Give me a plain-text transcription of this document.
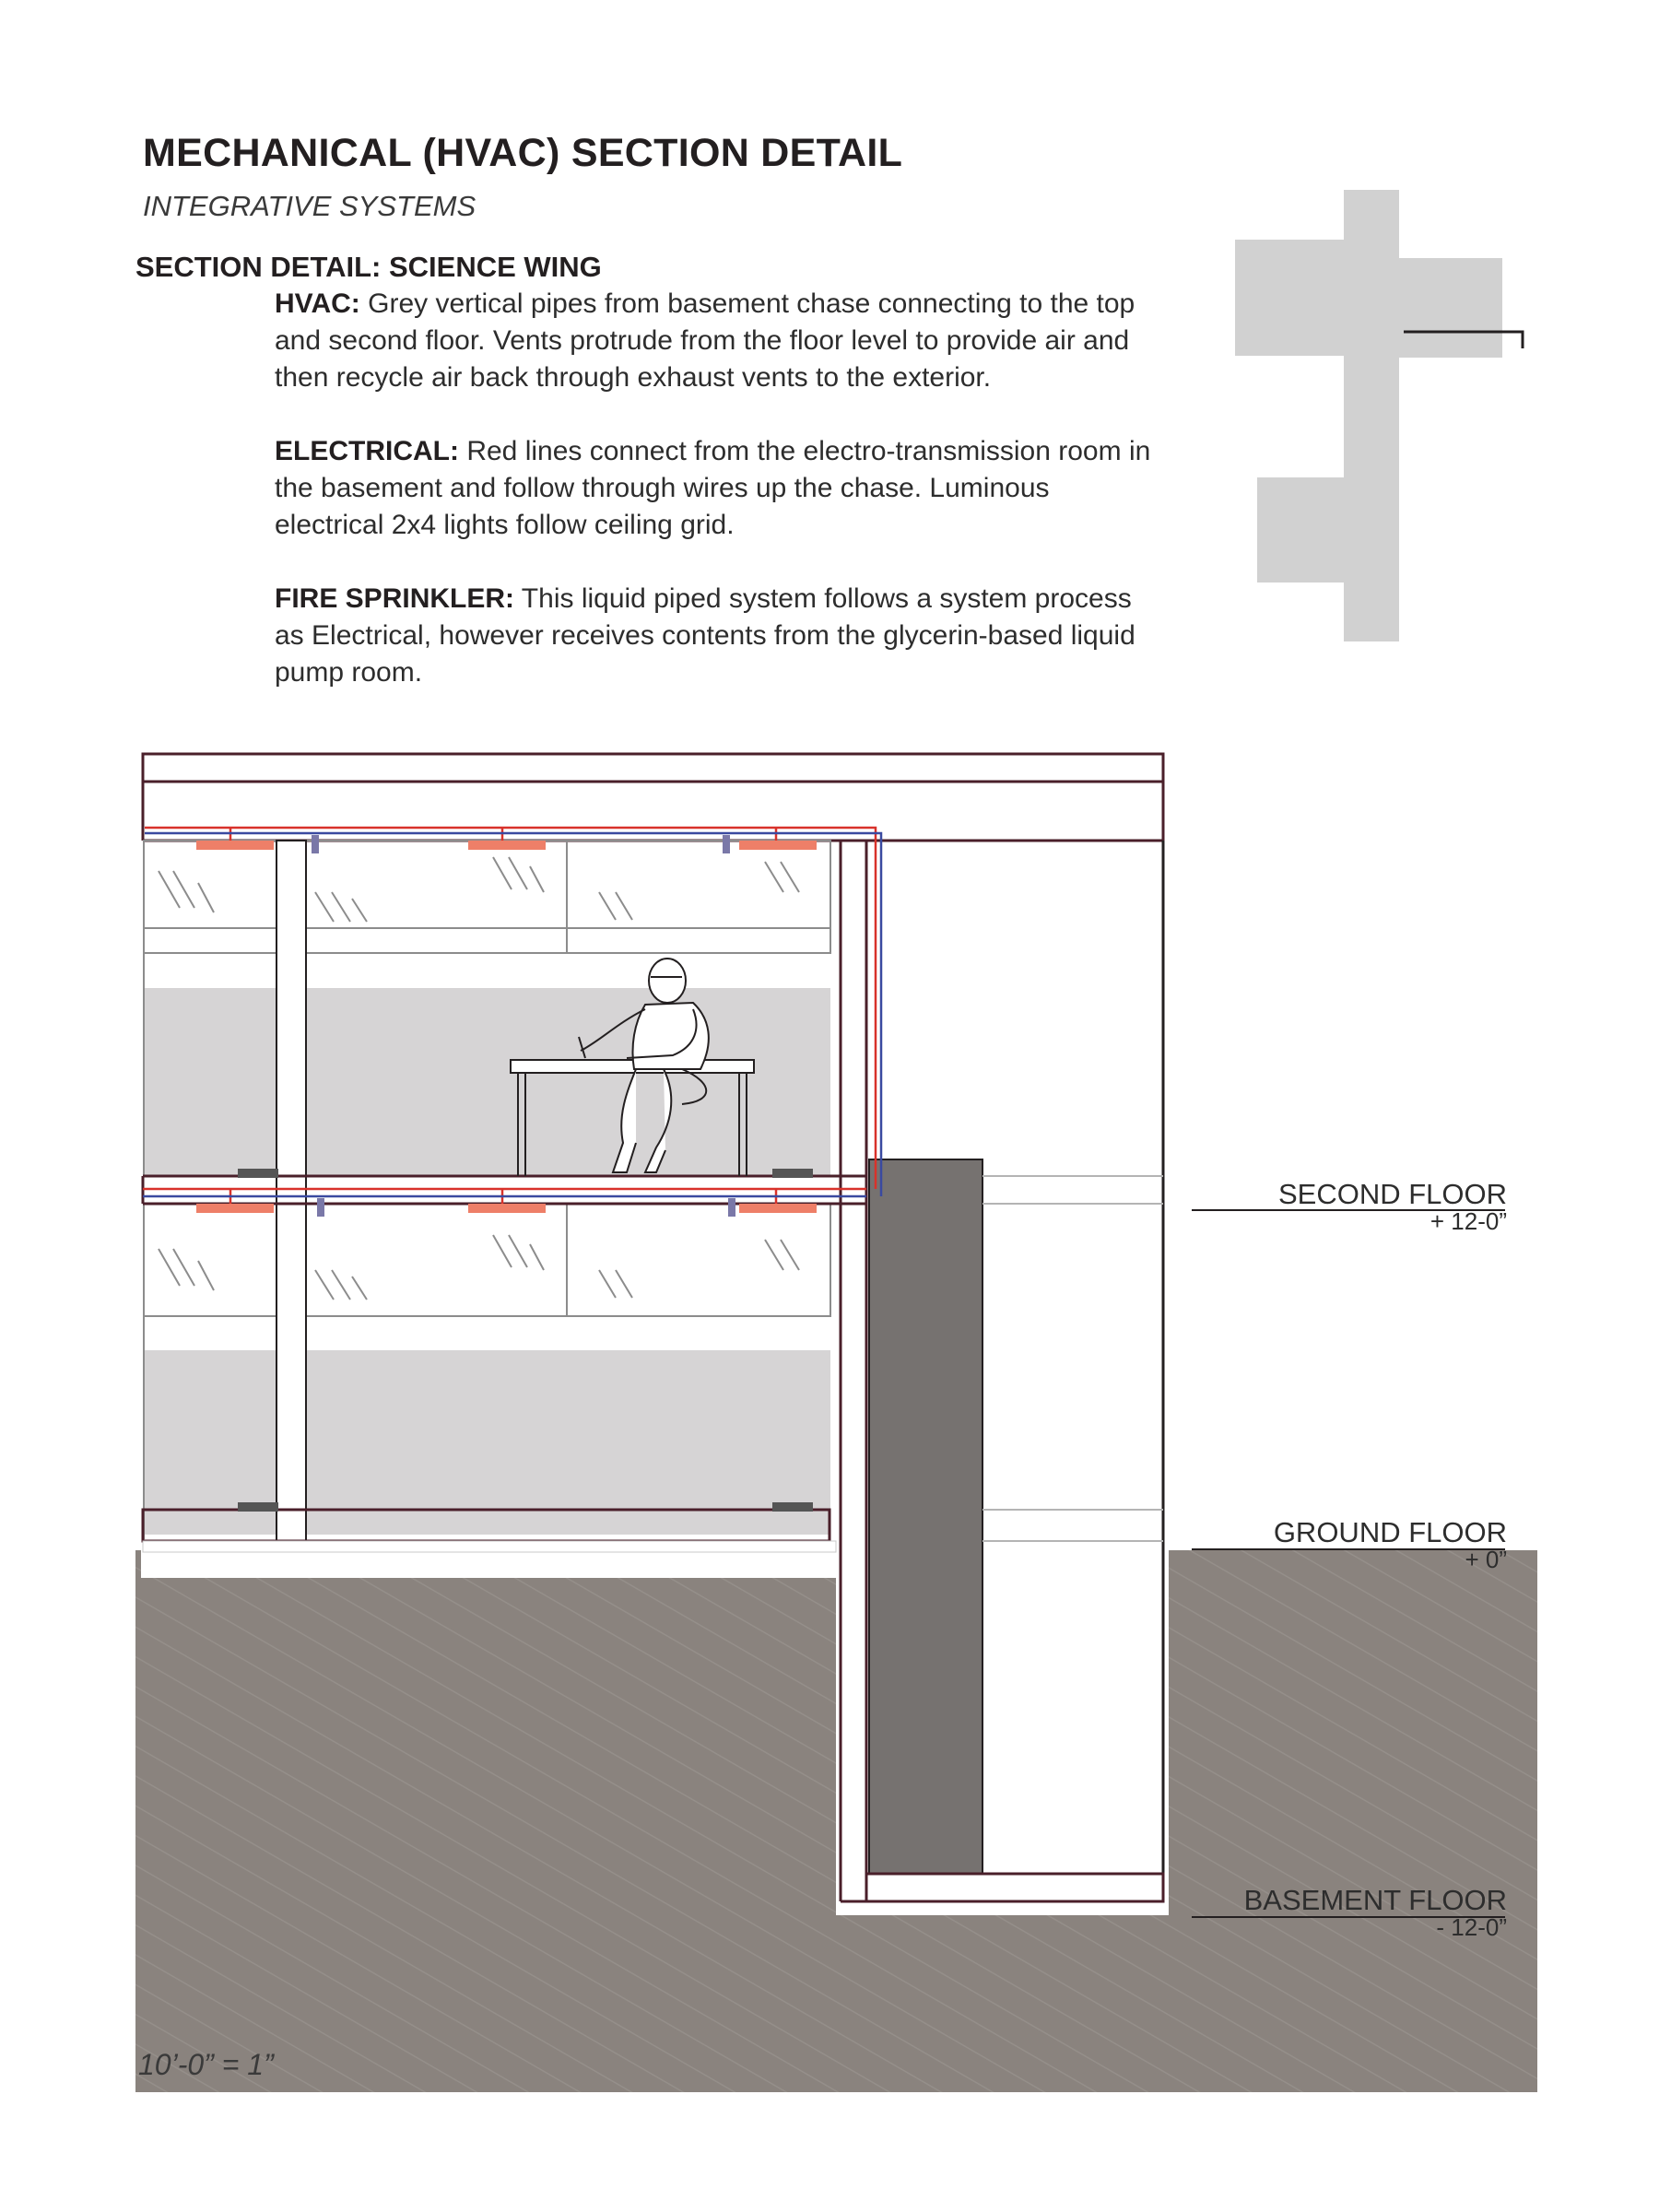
MECHANICAL (HVAC) SECTION DETAIL

INTEGRATIVE SYSTEMS

SECTION DETAIL: SCIENCE WING

HVAC: Grey vertical pipes from basement chase connecting to the top and second floor. Vents protrude from the floor level to provide air and then recycle air back through exhaust vents to the exterior.

ELECTRICAL: Red lines connect from the electro-transmission room in the basement and follow through wires up the chase. Luminous electrical 2x4 lights follow ceiling grid.

FIRE SPRINKLER: This liquid piped system follows a system process as Electrical, however receives contents from the glycerin-based liquid pump room.

SECOND FLOOR
+ 12-0”
GROUND FLOOR
+ 0”
BASEMENT FLOOR
- 12-0”
10’-0” = 1”
